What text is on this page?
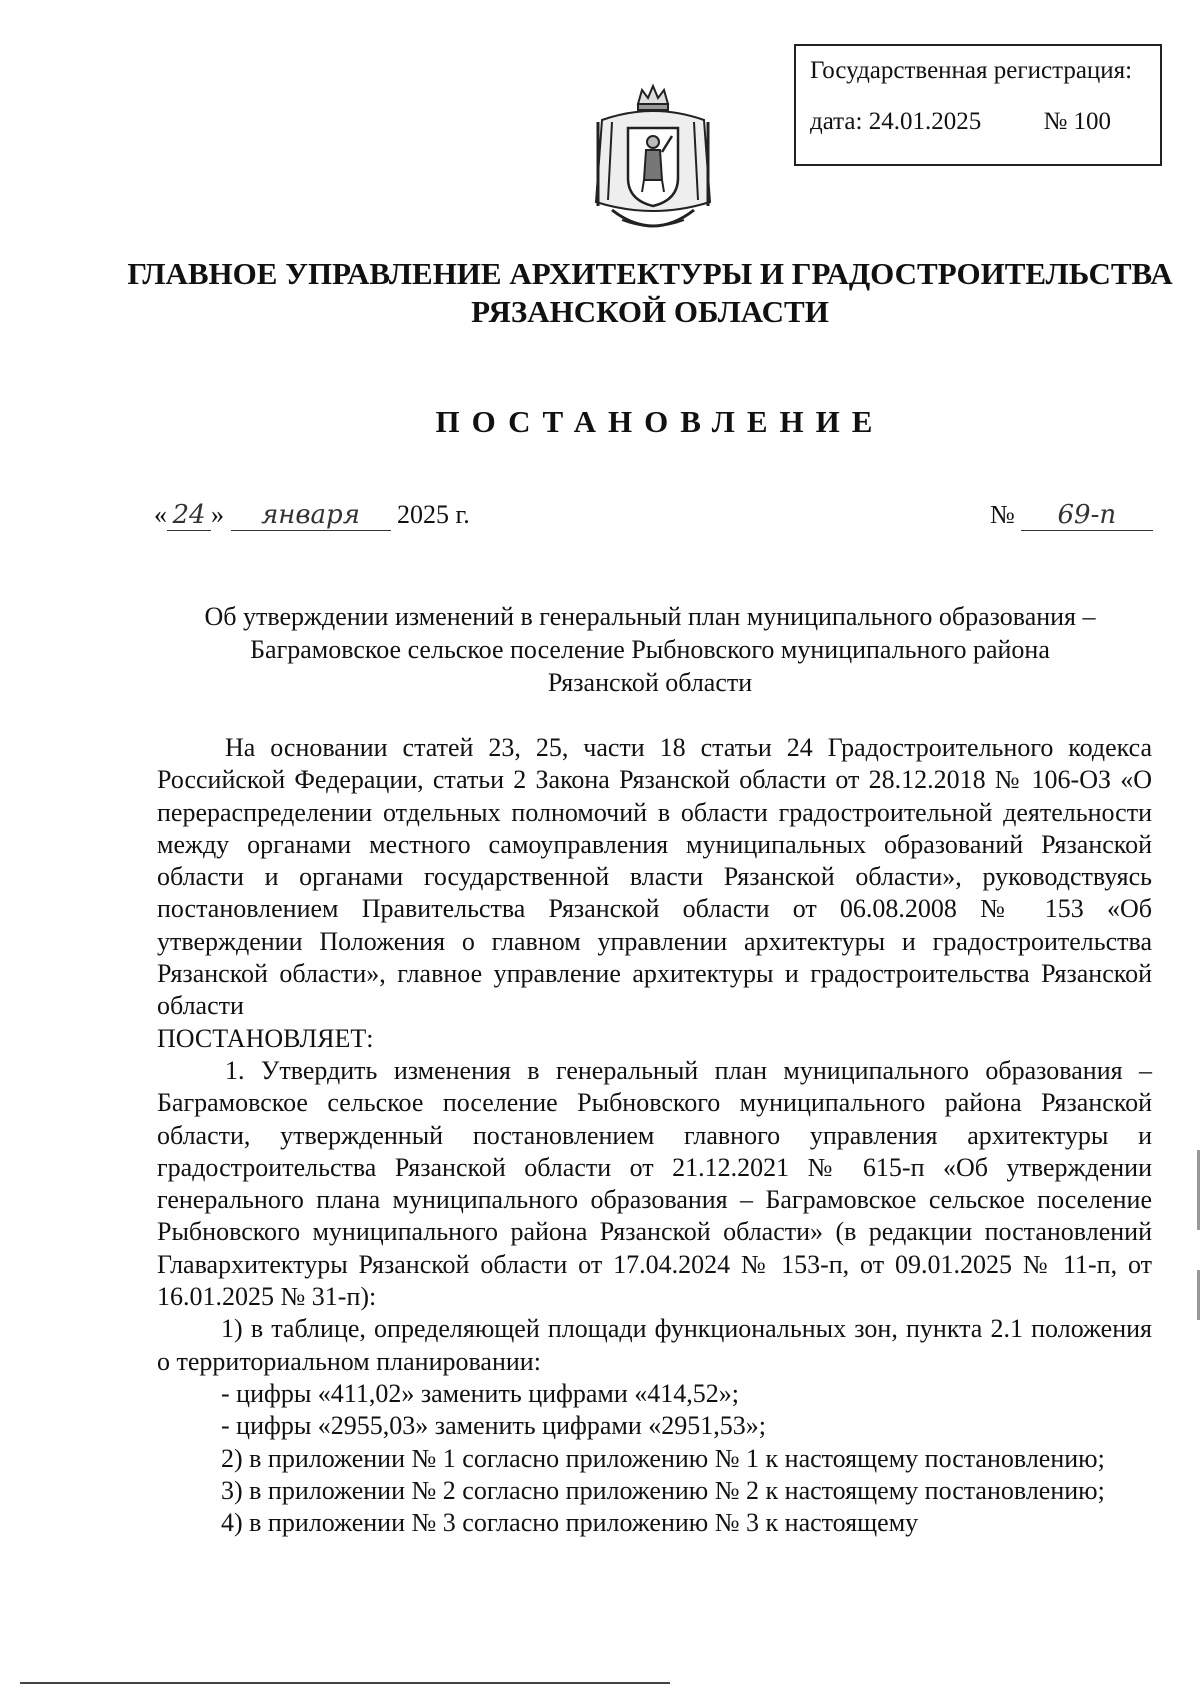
Государственная регистрация:
дата: 24.01.2025 № 100
ГЛАВНОЕ УПРАВЛЕНИЕ АРХИТЕКТУРЫ И ГРАДОСТРОИТЕЛЬСТВА
РЯЗАНСКОЙ ОБЛАСТИ
ПОСТАНОВЛЕНИЕ
« 24 » января 2025 г.	№ 69-п
Об утверждении изменений в генеральный план муниципального образования –
Баграмовское сельское поселение Рыбновского муниципального района
Рязанской области

На основании статей 23, 25, части 18 статьи 24 Градостроительного кодекса Российской Федерации, статьи 2 Закона Рязанской области от 28.12.2018 № 106-ОЗ «О перераспределении отдельных полномочий в области градостроительной деятельности между органами местного самоуправления муниципальных образований Рязанской области и органами государственной власти Рязанской области», руководствуясь постановлением Правительства Рязанской области от 06.08.2008 № 153 «Об утверждении Положения о главном управлении архитектуры и градостроительства Рязанской области», главное управление архитектуры и градостроительства Рязанской области

ПОСТАНОВЛЯЕТ:

1. Утвердить изменения в генеральный план муниципального образования – Баграмовское сельское поселение Рыбновского муниципального района Рязанской области, утвержденный постановлением главного управления архитектуры и градостроительства Рязанской области от 21.12.2021 № 615-п «Об утверждении генерального плана муниципального образования – Баграмовское сельское поселение Рыбновского муниципального района Рязанской области» (в редакции постановлений Главархитектуры Рязанской области от 17.04.2024 № 153-п, от 09.01.2025 № 11-п, от 16.01.2025 № 31-п):

1) в таблице, определяющей площади функциональных зон, пункта 2.1 положения о территориальном планировании:

- цифры «411,02» заменить цифрами «414,52»;

- цифры «2955,03» заменить цифрами «2951,53»;

2) в приложении № 1 согласно приложению № 1 к настоящему постановлению;

3) в приложении № 2 согласно приложению № 2 к настоящему постановлению;

4) в приложении № 3 согласно приложению № 3 к настоящему
